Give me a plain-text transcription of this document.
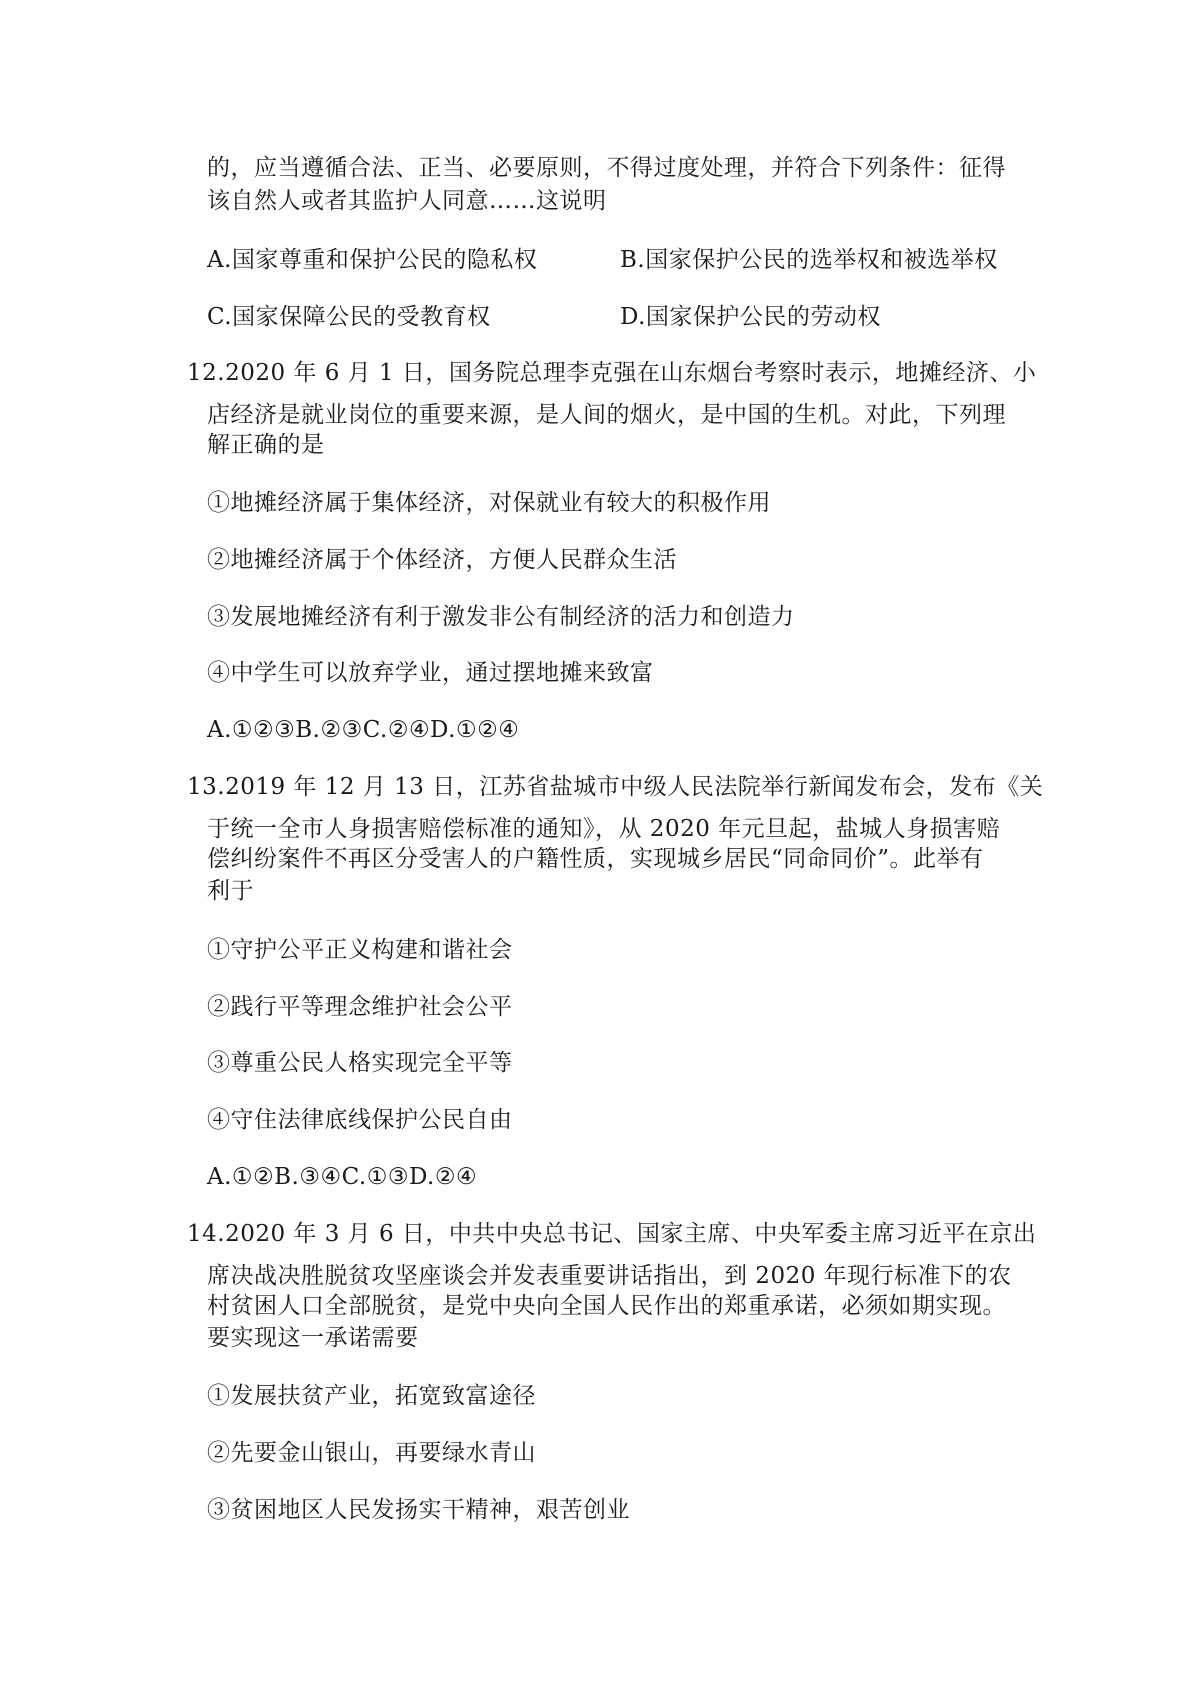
的，应当遵循合法、正当、必要原则，不得过度处理，并符合下列条件：征得
该自然人或者其监护人同意……这说明
A.国家尊重和保护公民的隐私权	B.国家保护公民的选举权和被选举权
C.国家保障公民的受教育权	D.国家保护公民的劳动权
12.2020 年 6 月 1 日，国务院总理李克强在山东烟台考察时表示，地摊经济、小
店经济是就业岗位的重要来源，是人间的烟火，是中国的生机。对此，下列理
解正确的是
①地摊经济属于集体经济，对保就业有较大的积极作用
②地摊经济属于个体经济，方便人民群众生活
③发展地摊经济有利于激发非公有制经济的活力和创造力
④中学生可以放弃学业，通过摆地摊来致富
A.①②③B.②③C.②④D.①②④
13.2019 年 12 月 13 日，江苏省盐城市中级人民法院举行新闻发布会，发布《关
于统一全市人身损害赔偿标准的通知》，从 2020 年元旦起，盐城人身损害赔
偿纠纷案件不再区分受害人的户籍性质，实现城乡居民“同命同价”。此举有
利于
①守护公平正义构建和谐社会
②践行平等理念维护社会公平
③尊重公民人格实现完全平等
④守住法律底线保护公民自由
A.①②B.③④C.①③D.②④
14.2020 年 3 月 6 日，中共中央总书记、国家主席、中央军委主席习近平在京出
席决战决胜脱贫攻坚座谈会并发表重要讲话指出，到 2020 年现行标准下的农
村贫困人口全部脱贫，是党中央向全国人民作出的郑重承诺，必须如期实现。
要实现这一承诺需要
①发展扶贫产业，拓宽致富途径
②先要金山银山，再要绿水青山
③贫困地区人民发扬实干精神，艰苦创业
